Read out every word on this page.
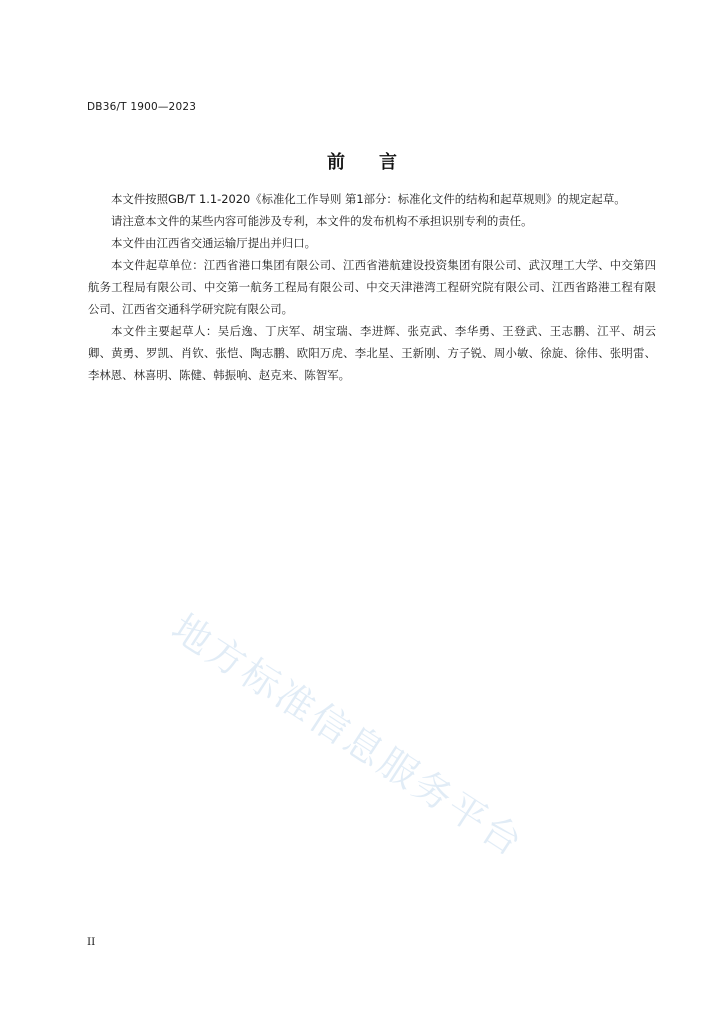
DB36/T 1900—2023
前言

本文件按照GB/T 1.1-2020《标准化工作导则 第1部分：标准化文件的结构和起草规则》的规定起草。

请注意本文件的某些内容可能涉及专利，本文件的发布机构不承担识别专利的责任。

本文件由江西省交通运输厅提出并归口。

本文件起草单位：江西省港口集团有限公司、江西省港航建设投资集团有限公司、武汉理工大学、中交第四航务工程局有限公司、中交第一航务工程局有限公司、中交天津港湾工程研究院有限公司、江西省路港工程有限公司、江西省交通科学研究院有限公司。

本文件主要起草人：吴后逸、丁庆军、胡宝瑞、李进辉、张克武、李华勇、王登武、王志鹏、江平、胡云卿、黄勇、罗凯、肖钦、张恺、陶志鹏、欧阳万虎、李北星、王新刚、方子锐、周小敏、徐旋、徐伟、张明雷、李林恩、林喜明、陈健、韩振响、赵克来、陈智军。

地方标准信息服务平台
II
